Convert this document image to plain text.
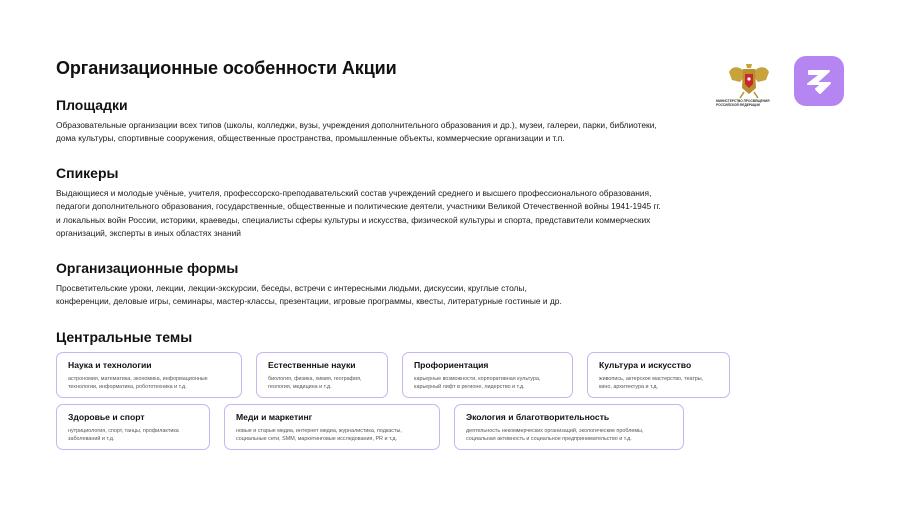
Организационные особенности Акции
МИНИСТЕРСТВО ПРОСВЕЩЕНИЯ РОССИЙСКОЙ ФЕДЕРАЦИИ
Площадки
Образовательные организации всех типов (школы, колледжи, вузы, учреждения дополнительного образования и др.), музеи, галереи, парки, библиотеки,
дома культуры, спортивные сооружения, общественные пространства, промышленные объекты, коммерческие организации и т.п.
Спикеры
Выдающиеся и молодые учёные, учителя, профессорско-преподавательский состав учреждений среднего и высшего профессионального образования,
педагоги дополнительного образования, государственные, общественные и политические деятели, участники Великой Отечественной войны 1941-1945 гг.
и локальных войн России, историки, краеведы, специалисты сферы культуры и искусства, физической культуры и спорта, представители коммерческих
организаций, эксперты в иных областях знаний
Организационные формы
Просветительские уроки, лекции, лекции-экскурсии, беседы, встречи с интересными людьми, дискуссии, круглые столы,
конференции, деловые игры, семинары, мастер-классы, презентации, игровые программы, квесты, литературные гостиные и др.
Центральные темы
Наука и технологии
астрономия, математика, экономика, информационные
технологии, информатика, робототехника и т.д.
Естественные науки
биология, физика, химия, география,
геология, медицина и т.д.
Профориентация
карьерные возможности, корпоративная культура,
карьерный лифт в регионе, лидерство и т.д.
Культура и искусство
живопись, актерское мастерство, театры,
кино, архитектура и т.д.
Здоровье и спорт
нутрициология, спорт, танцы, профилактика
заболеваний и т.д.
Меди и маркетинг
новые и старые медиа, интернет медиа, журналистика, подкасты,
социальные сети, SMM, маркетинговые исследования, PR и т.д.
Экология и благотворительность
деятельность некоммерческих организаций, экологические проблемы,
социальная активность и социальное предпринимательство и т.д.
